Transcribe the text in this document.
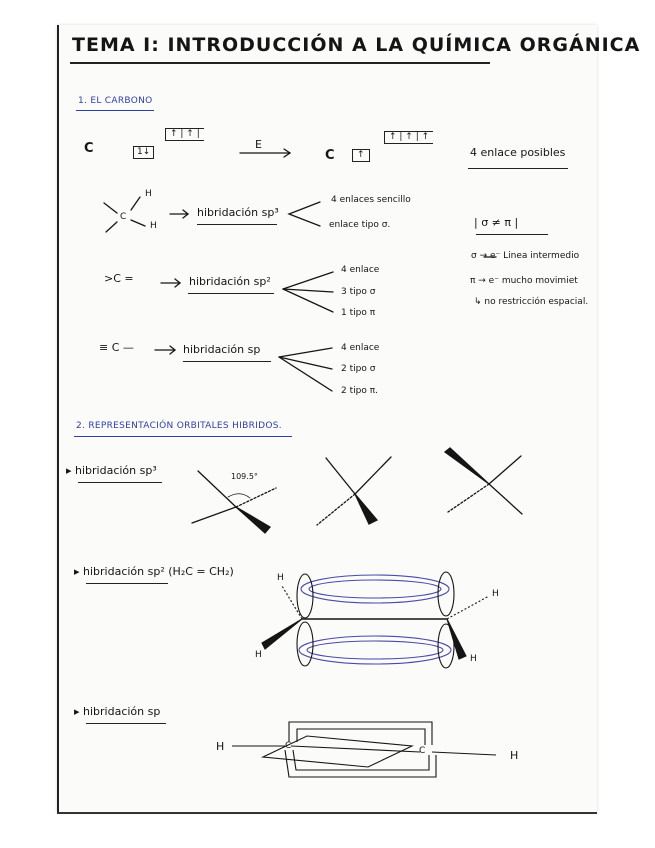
TEMA I: INTRODUCCIÓN A LA QUÍMICA ORGÁNICA
1. EL CARBONO
C	1↓
↑ | ↑ |
E
C	↑
↑ | ↑ | ↑
4 enlace posibles
H
C
H
hibridación sp³
4 enlaces sencillo
enlace tipo σ.
>C =	hibridación sp²
4 enlace
3 tipo σ
1 tipo π
≡ C —	hibridación sp	4 enlace
2 tipo σ
2 tipo π.
| σ ≠ π |
σ → e⁻ Linea intermedio
π → e⁻ mucho movimiet
↳ no restricción espacial.
2. REPRESENTACIÓN ORBITALES HIBRIDOS.
▸ hibridación sp³	109.5°
▸ hibridación sp² (H₂C = CH₂)	H
H
H
H
▸ hibridación sp
H	C	C	H
